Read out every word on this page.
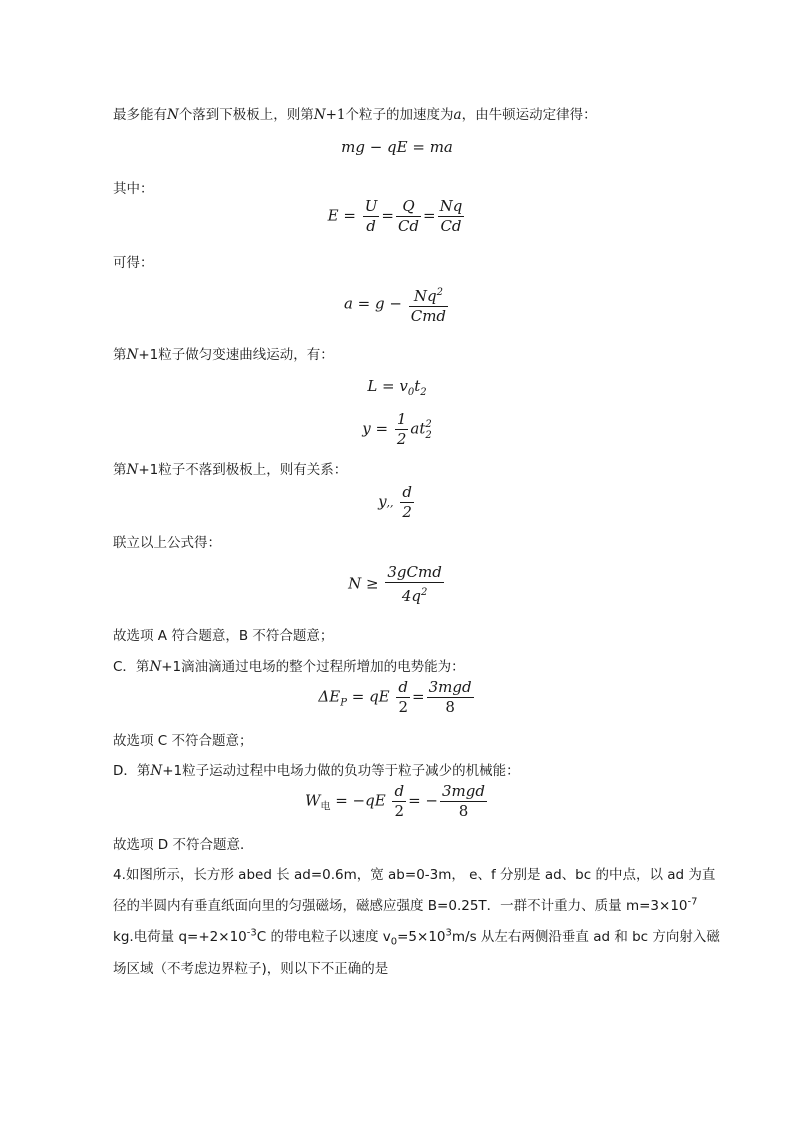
最多能有N个落到下极板上，则第N+1个粒子的加速度为a，由牛顿运动定律得：
mg − qE = ma
其中：
$E = \frac{U}{d} = \frac{Q}{Cd} = \frac{Nq}{Cd}$
可得：
$a = g - \frac{Nq^2}{\text{Cmd}}$
第N+1粒子做匀变速曲线运动，有：
$L = v_0t_2$
$y = \frac{1}{2}$ at 2
2
第N+1粒子不落到极板上，则有关系：
y,, $\frac{d}{2}$
联立以上公式得：
$N \ge \frac{\text{3gCmd}}{4q^2}$
故选项 A 符合题意，B 不符合题意；
C．第N+1滴油滴通过电场的整个过程所增加的电势能为：
$\Delta E_P$ = qE $\frac{d}{2} = \frac{\text{3mgd}}{8}$
故选项 C 不符合题意；
D．第N+1粒子运动过程中电场力做的负功等于粒子减少的机械能：
$W_电 = -qE \frac{d}{2}$ = − $\frac{\text{3mgd}}{8}$
故选项 D 不符合题意．
4.如图所示，长方形 abed 长 ad=0.6m，宽 ab=0-3m， e、f 分别是 ad、bc 的中点，以 ad 为直
径的半圆内有垂直纸面向里的匀强磁场，磁感应强度 B=0.25T．一群不计重力、质量 $m=3\times 10^{-7}$
kg.电荷量 $q=+2\times 10^{-3}C$ 的带电粒子以速度 $v_0=5\times 10^3m/s$ 从左右两侧沿垂直 ad 和 bc 方向射入磁
场区域（不考虑边界粒子)，则以下不正确的是
